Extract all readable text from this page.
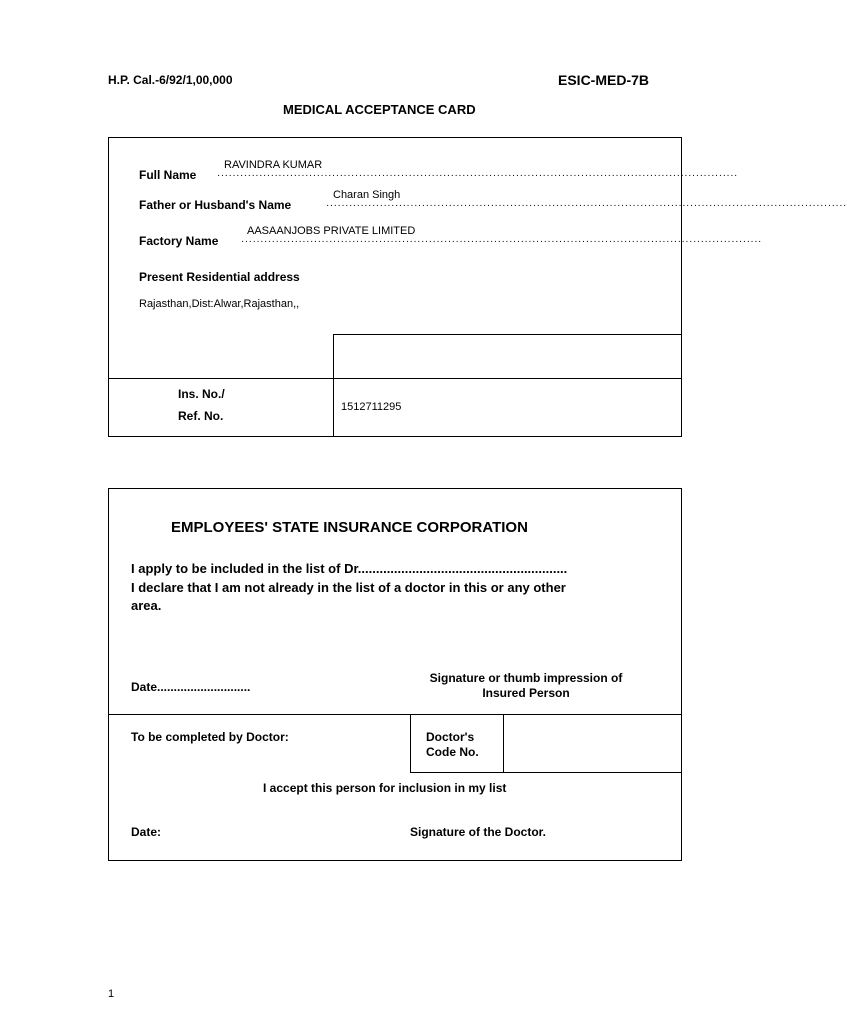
H.P. Cal.-6/92/1,00,000	ESIC-MED-7B
MEDICAL ACCEPTANCE CARD
Full Name
RAVINDRA KUMAR
········································································································································
Father or Husband's Name
Charan Singh
········································································································································
Factory Name
AASAANJOBS PRIVATE LIMITED
········································································································································
Present Residential address
Rajasthan,Dist:Alwar,Rajasthan,,
Ins. No./
Ref. No.
1512711295
EMPLOYEES' STATE INSURANCE CORPORATION
I apply to be included in the list of Dr..........................................................
I declare that I am not already in the list of a doctor in this or any other
area.
Date............................
Signature or thumb impression of
Insured Person
To be completed by Doctor:	Doctor's
Code No.
I accept this person for inclusion in my list
Date:	Signature of the Doctor.
1
